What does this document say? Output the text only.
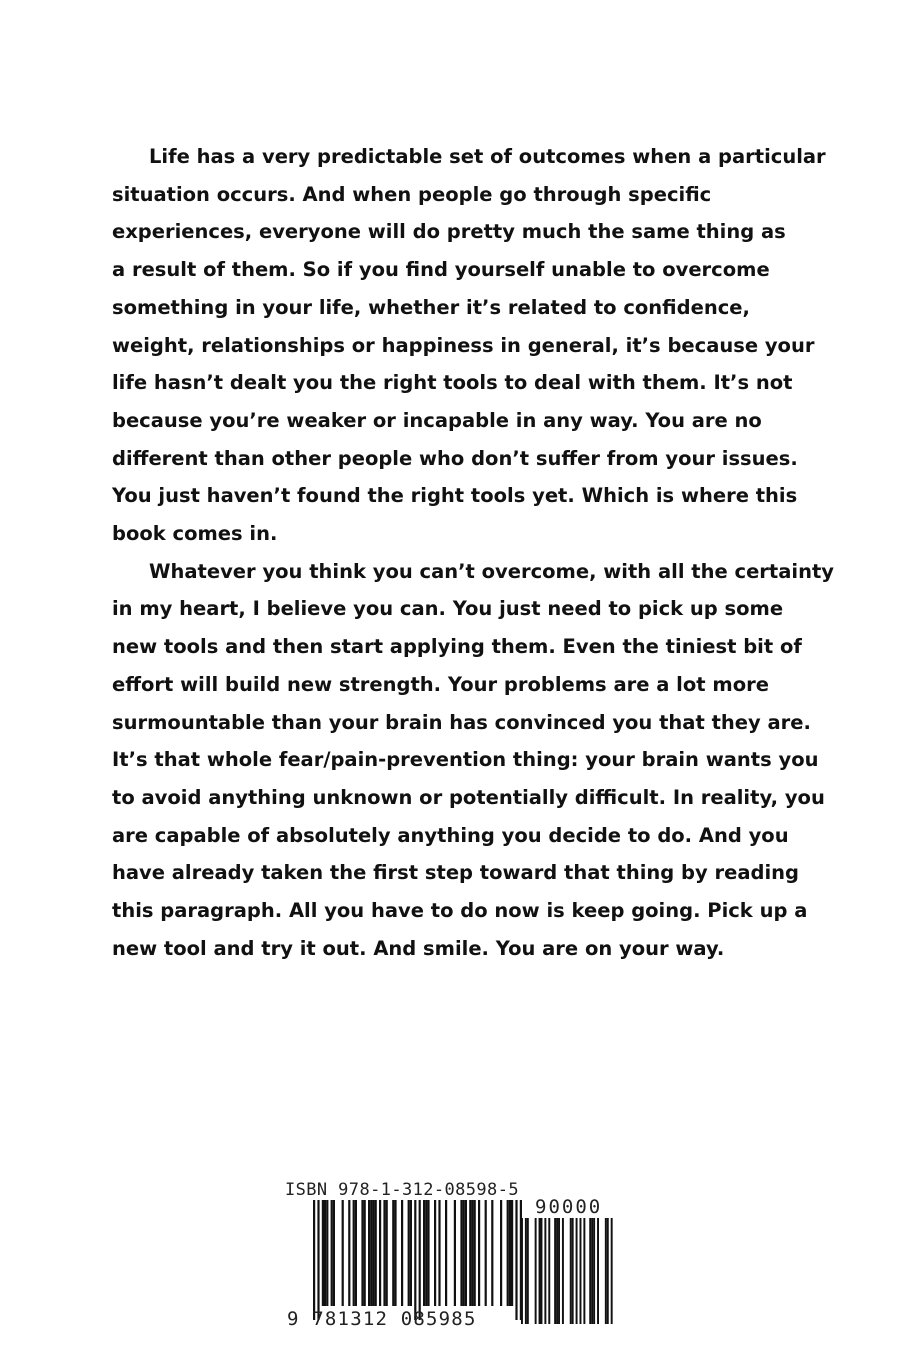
Life has a very predictable set of outcomes when a particular
situation occurs. And when people go through specific
experiences, everyone will do pretty much the same thing as
a result of them. So if you find yourself unable to overcome
something in your life, whether it’s related to confidence,
weight, relationships or happiness in general, it’s because your
life hasn’t dealt you the right tools to deal with them. It’s not
because you’re weaker or incapable in any way. You are no
different than other people who don’t suffer from your issues.
You just haven’t found the right tools yet. Which is where this
book comes in.
Whatever you think you can’t overcome, with all the certainty
in my heart, I believe you can. You just need to pick up some
new tools and then start applying them. Even the tiniest bit of
effort will build new strength. Your problems are a lot more
surmountable than your brain has convinced you that they are.
It’s that whole fear/pain-prevention thing: your brain wants you
to avoid anything unknown or potentially difficult. In reality, you
are capable of absolutely anything you decide to do. And you
have already taken the first step toward that thing by reading
this paragraph. All you have to do now is keep going. Pick up a
new tool and try it out. And smile. You are on your way.
ISBN 978-1-312-08598-5
90000
9 781312 085985
